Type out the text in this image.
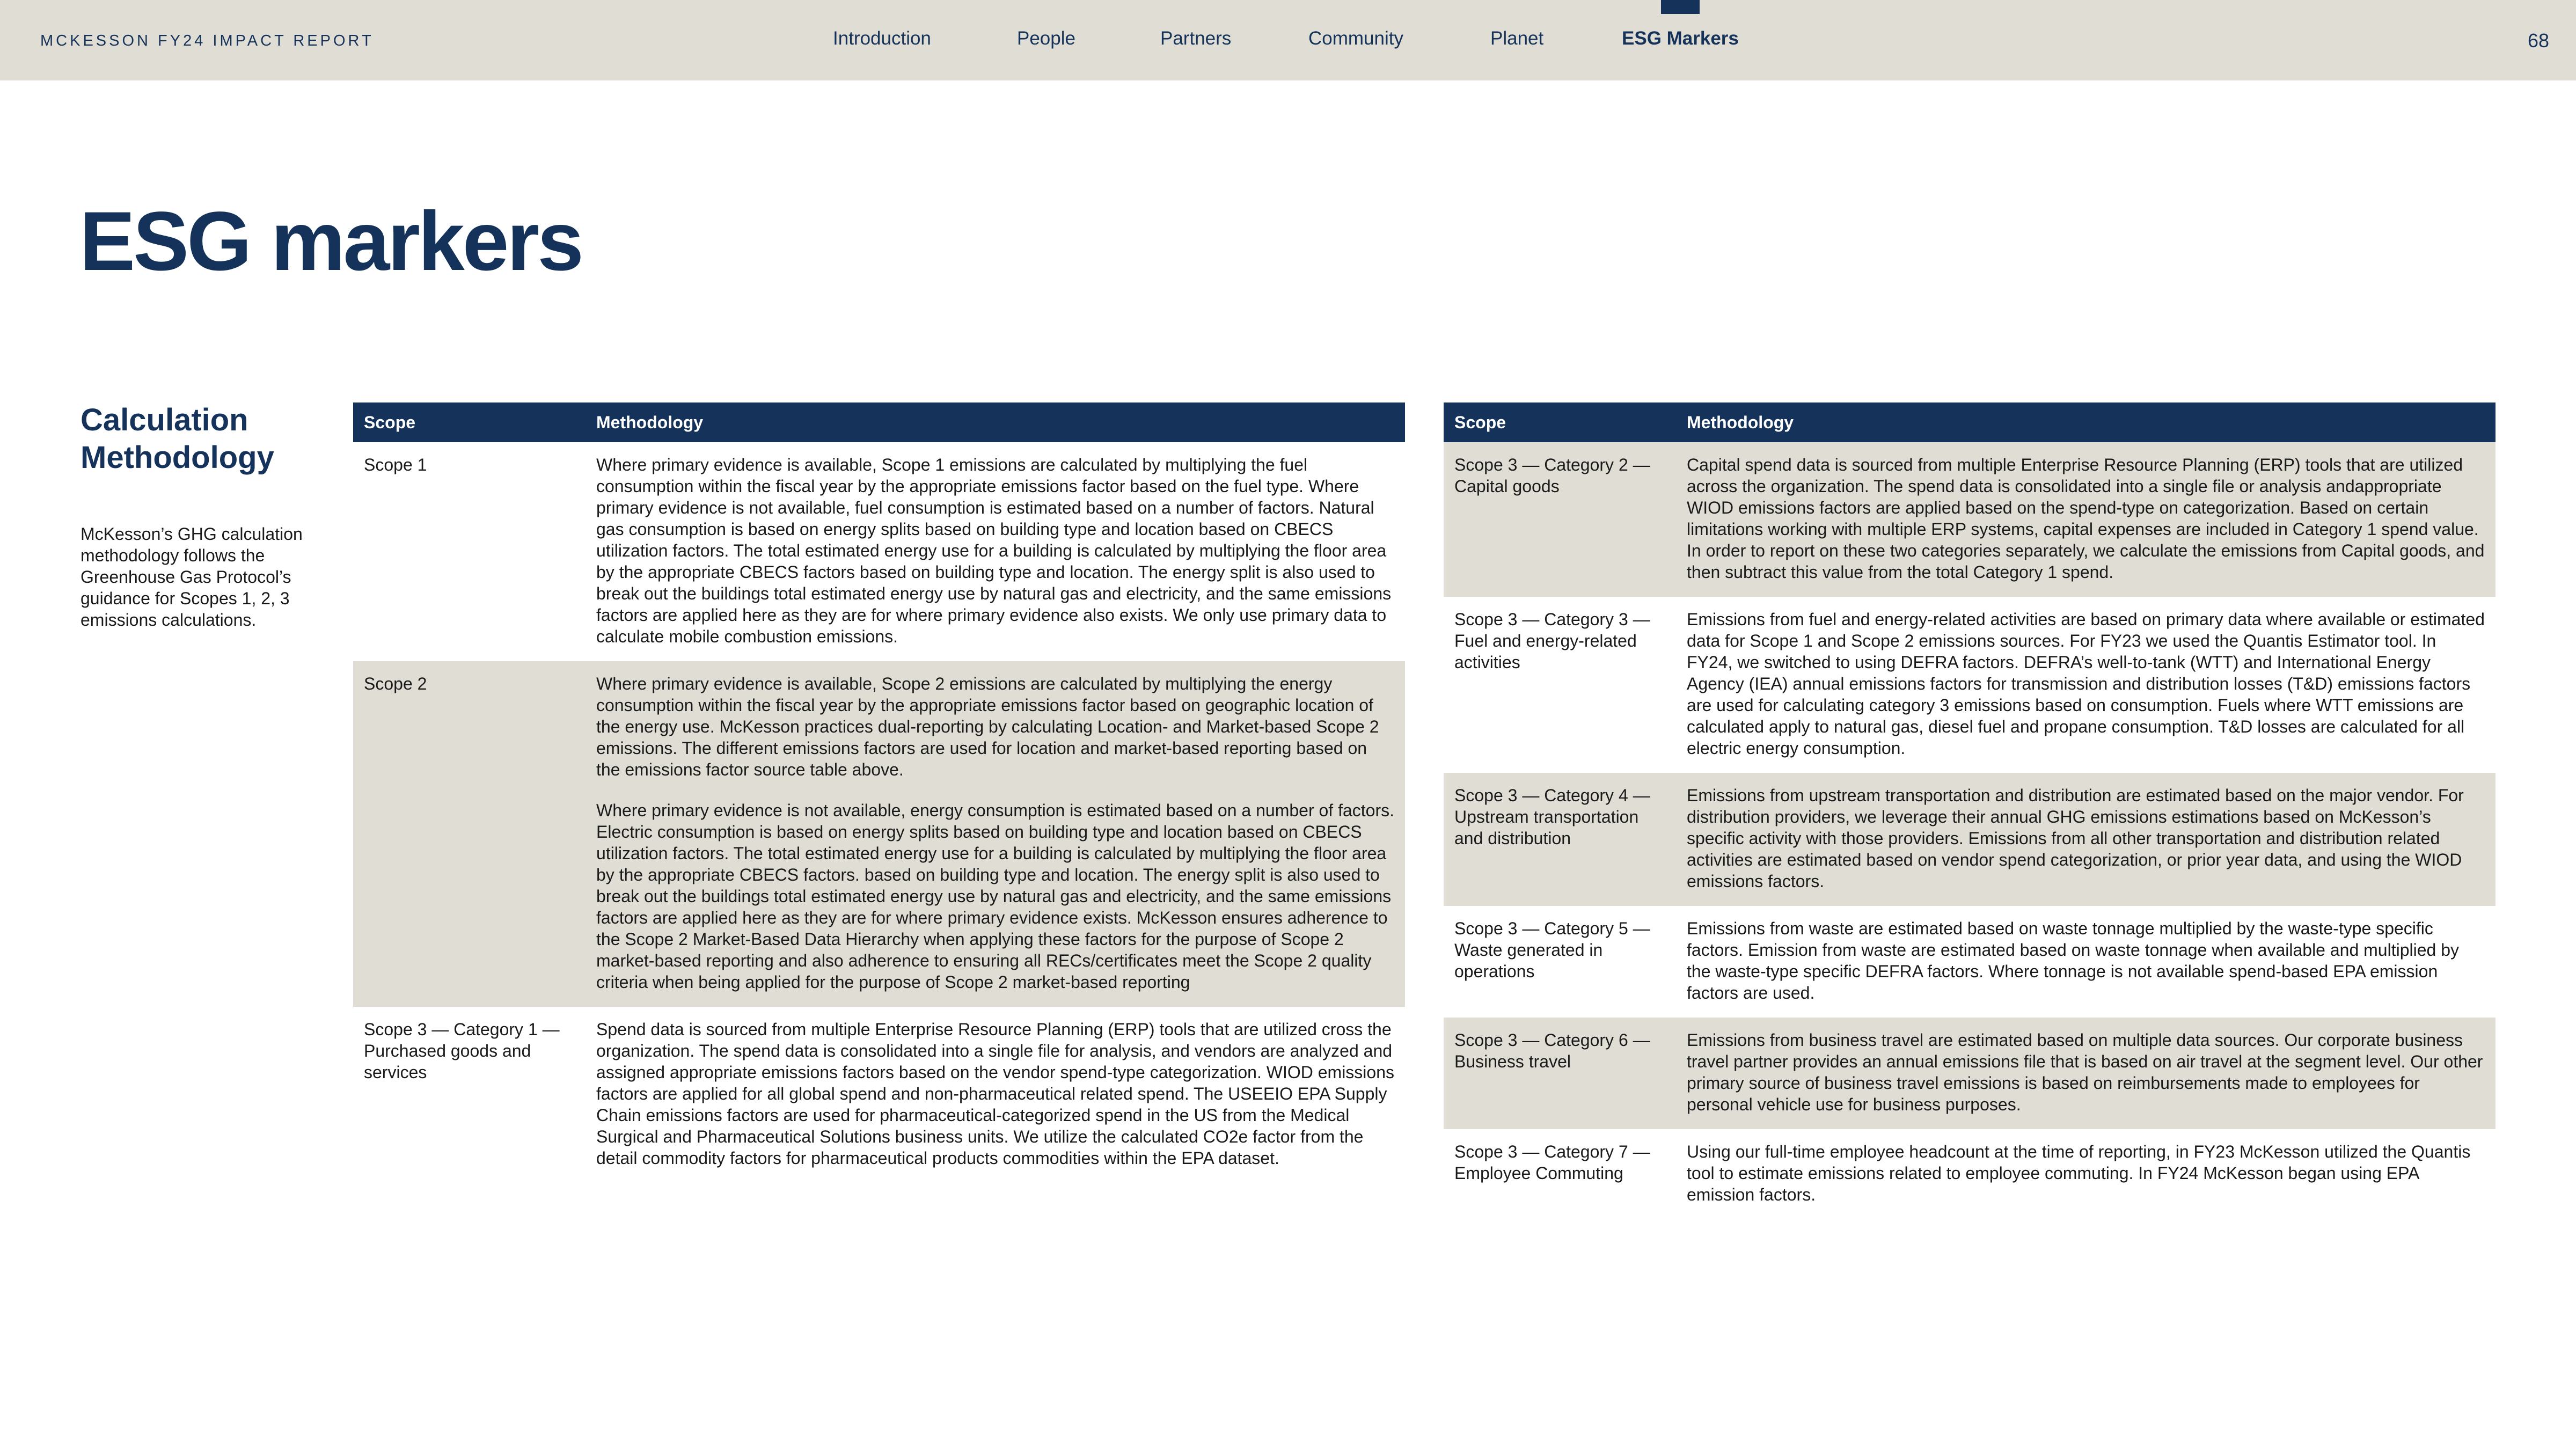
MCKESSON FY24 IMPACT REPORT	Introduction	People	Partners	Community	Planet	ESG Markers	68
ESG markers
Calculation
Methodology

McKesson’s GHG calculation methodology follows the Greenhouse Gas Protocol’s guidance for Scopes 1, 2, 3 emissions calculations.

Scope	Methodology
Scope 1	Where primary evidence is available, Scope 1 emissions are calculated by multiplying the fuel consumption within the fiscal year by the appropriate emissions factor based on the fuel type. Where primary evidence is not available, fuel consumption is estimated based on a number of factors. Natural gas consumption is based on energy splits based on building type and location based on CBECS utilization factors. The total estimated energy use for a building is calculated by multiplying the floor area by the appropriate CBECS factors based on building type and location. The energy split is also used to break out the buildings total estimated energy use by natural gas and electricity, and the same emissions factors are applied here as they are for where primary evidence also exists. We only use primary data to calculate mobile combustion emissions.

Scope 2	Where primary evidence is available, Scope 2 emissions are calculated by multiplying the energy consumption within the fiscal year by the appropriate emissions factor based on geographic location of the energy use. McKesson practices dual-reporting by calculating Location- and Market-based Scope 2 emissions. The different emissions factors are used for location and market-based reporting based on the emissions factor source table above.

Where primary evidence is not available, energy consumption is estimated based on a number of factors. Electric consumption is based on energy splits based on building type and location based on CBECS utilization factors. The total estimated energy use for a building is calculated by multiplying the floor area by the appropriate CBECS factors. based on building type and location. The energy split is also used to break out the buildings total estimated energy use by natural gas and electricity, and the same emissions factors are applied here as they are for where primary evidence exists. McKesson ensures adherence to the Scope 2 Market-Based Data Hierarchy when applying these factors for the purpose of Scope 2 market-based reporting and also adherence to ensuring all RECs/certificates meet the Scope 2 quality criteria when being applied for the purpose of Scope 2 market-based reporting

Scope 3 — Category 1 — Purchased goods and services	Spend data is sourced from multiple Enterprise Resource Planning (ERP) tools that are utilized cross the organization. The spend data is consolidated into a single file for analysis, and vendors are analyzed and assigned appropriate emissions factors based on the vendor spend-type categorization. WIOD emissions factors are applied for all global spend and non-pharmaceutical related spend. The USEEIO EPA Supply Chain emissions factors are used for pharmaceutical-categorized spend in the US from the Medical Surgical and Pharmaceutical Solutions business units. We utilize the calculated CO2e factor from the detail commodity factors for pharmaceutical products commodities within the EPA dataset.

Scope	Methodology
Scope 3 — Category 2 — Capital goods	Capital spend data is sourced from multiple Enterprise Resource Planning (ERP) tools that are utilized across the organization. The spend data is consolidated into a single file or analysis andappropriate WIOD emissions factors are applied based on the spend-type on categorization. Based on certain limitations working with multiple ERP systems, capital expenses are included in Category 1 spend value. In order to report on these two categories separately, we calculate the emissions from Capital goods, and then subtract this value from the total Category 1 spend.

Scope 3 — Category 3 — Fuel and energy-related activities	Emissions from fuel and energy-related activities are based on primary data where available or estimated data for Scope 1 and Scope 2 emissions sources. For FY23 we used the Quantis Estimator tool. In FY24, we switched to using DEFRA factors. DEFRA’s well-to-tank (WTT) and International Energy Agency (IEA) annual emissions factors for transmission and distribution losses (T&D) emissions factors are used for calculating category 3 emissions based on consumption. Fuels where WTT emissions are calculated apply to natural gas, diesel fuel and propane consumption. T&D losses are calculated for all electric energy consumption.

Scope 3 — Category 4 — Upstream transportation and distribution	Emissions from upstream transportation and distribution are estimated based on the major vendor. For distribution providers, we leverage their annual GHG emissions estimations based on McKesson’s specific activity with those providers. Emissions from all other transportation and distribution related activities are estimated based on vendor spend categorization, or prior year data, and using the WIOD emissions factors.

Scope 3 — Category 5 — Waste generated in operations	Emissions from waste are estimated based on waste tonnage multiplied by the waste-type specific factors. Emission from waste are estimated based on waste tonnage when available and multiplied by the waste-type specific DEFRA factors. Where tonnage is not available spend-based EPA emission factors are used.

Scope 3 — Category 6 — Business travel	Emissions from business travel are estimated based on multiple data sources. Our corporate business travel partner provides an annual emissions file that is based on air travel at the segment level. Our other primary source of business travel emissions is based on reimbursements made to employees for personal vehicle use for business purposes.

Scope 3 — Category 7 — Employee Commuting	Using our full-time employee headcount at the time of reporting, in FY23 McKesson utilized the Quantis tool to estimate emissions related to employee commuting. In FY24 McKesson began using EPA emission factors.
